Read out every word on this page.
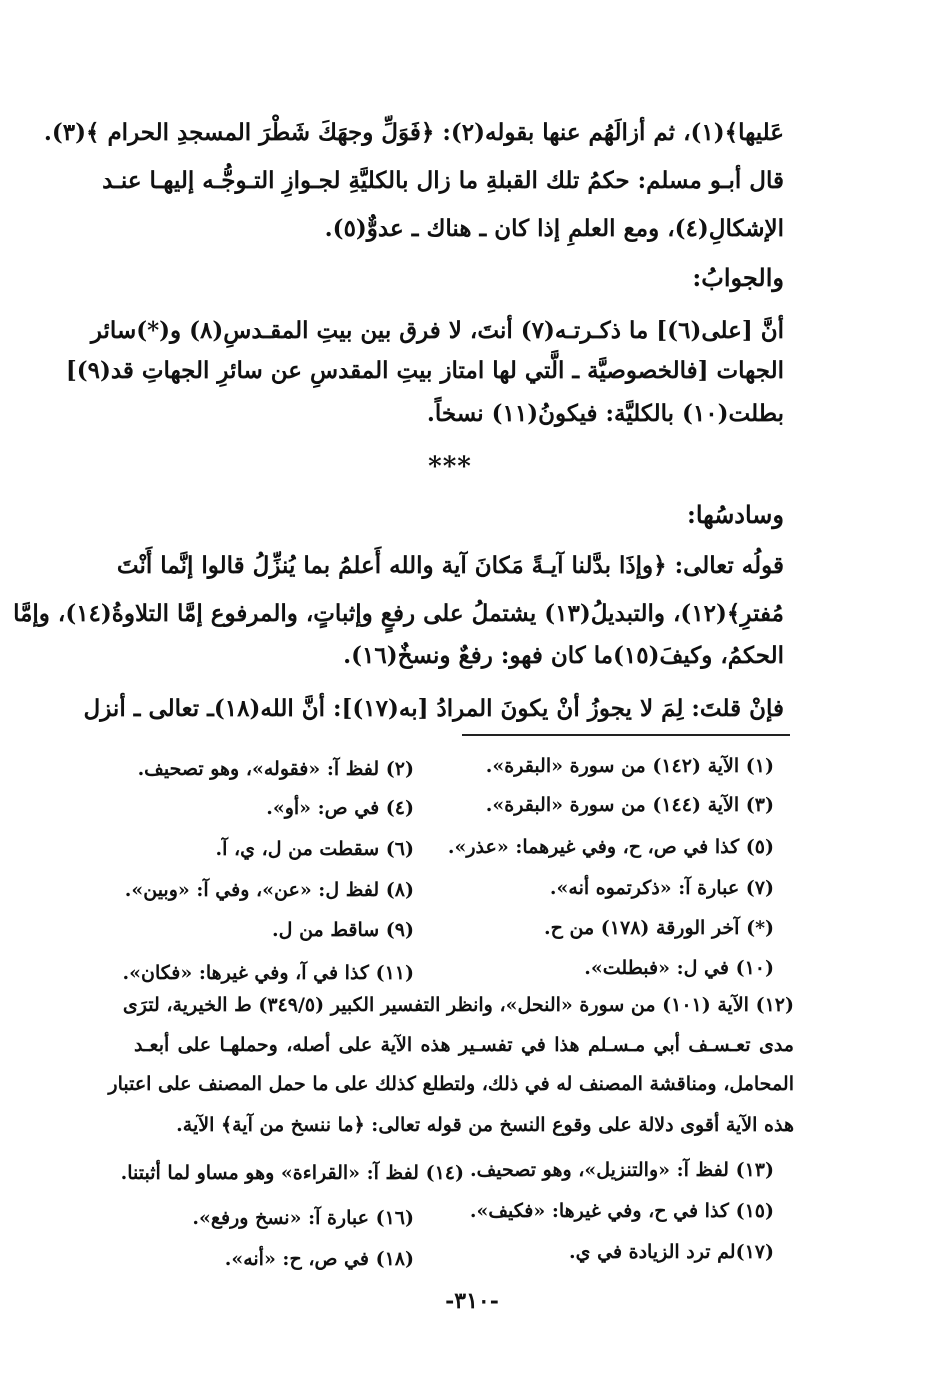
عَليها﴾(١)، ثم أزالَهُم عنها بقوله(٢): ﴿فَوَلِّ وجهَكَ شَطْرَ المسجدِ الحرام ﴾(٣).
قال أبـو مسلم: حكمُ تلك القبلةِ ما زال بالكليَّةِ لجـوازِ التـوجُّـه إليهـا عنـد
الإشكالِ(٤)، ومع العلمِ إذا كان ـ هناك ـ عدوٌّ(٥).
والجوابُ:
أنَّ [على(٦)] ما ذكـرتـه(٧) أنتَ، لا فرق بين بيتِ المقـدسِ(٨) و(*)سائر
الجهات [فالخصوصيَّة ـ الَّتي لها امتاز بيتِ المقدسِ عن سائرِ الجهاتِ قد(٩)]
بطلت(١٠) بالكليَّة: فيكونُ(١١) نسخاً.
***
وسادسُها:
قولُه تعالى: ﴿وإذَا بدَّلنا آيـةً مَكانَ آية والله أَعلمُ بما يُنزِّلُ قالوا إنَّما أَنْتَ
مُفترِ﴾(١٢)، والتبديلُ(١٣) يشتملُ على رفعٍ وإثباتٍ، والمرفوع إمَّا التلاوةُ(١٤)، وإمَّا
الحكمُ، وكيفَ(١٥)ما كان فهو: رفعٌ ونسخٌ(١٦).
فإنْ قلتَ: لِمَ لا يجوزُ أنْ يكونَ المرادُ [به(١٧)]: أنَّ الله(١٨)ـ تعالى ـ أنزل
(١) الآية (١٤٢) من سورة «البقرة».
(٢) لفظ آ: «فقوله»، وهو تصحيف.
(٣) الآية (١٤٤) من سورة «البقرة».
(٤) في ص: «أو».
(٥) كذا في ص، ح، وفي غيرهما: «عذر».
(٦) سقطت من ل، ي، آ.
(٧) عبارة آ: «ذكرتموه أنه».
(٨) لفظ ل: «عن»، وفي آ: «وبين».
(*) آخر الورقة (١٧٨) من ح.
(٩) ساقط من ل.
(١٠) في ل: «فبطلت».
(١١) كذا في آ، وفي غيرها: «فكان».
(١٢) الآية (١٠١) من سورة «النحل»، وانظر التفسير الكبير (٣٤٩/٥) ط الخيرية، لترَى
مدى تعـسـف أبي مـسـلم هذا في تفسـير هذه الآية على أصله، وحملهـا على أبعـد
المحامل، ومناقشة المصنف له في ذلك، ولتطلع كذلك على ما حمل المصنف على اعتبار
هذه الآية أقوى دلالة على وقوع النسخ من قوله تعالى: ﴿ما ننسخ من آية﴾ الآية.
(١٣) لفظ آ: «والتنزيل»، وهو تصحيف.
(١٤) لفظ آ: «القراءة» وهو مساو لما أثبتنا.
(١٥) كذا في ح، وفي غيرها: «فكيف».
(١٦) عبارة آ: «نسخ ورفع».
(١٧)لم ترد الزيادة في ي.
(١٨) في ص، ح: «أنه».
-٣١٠-
